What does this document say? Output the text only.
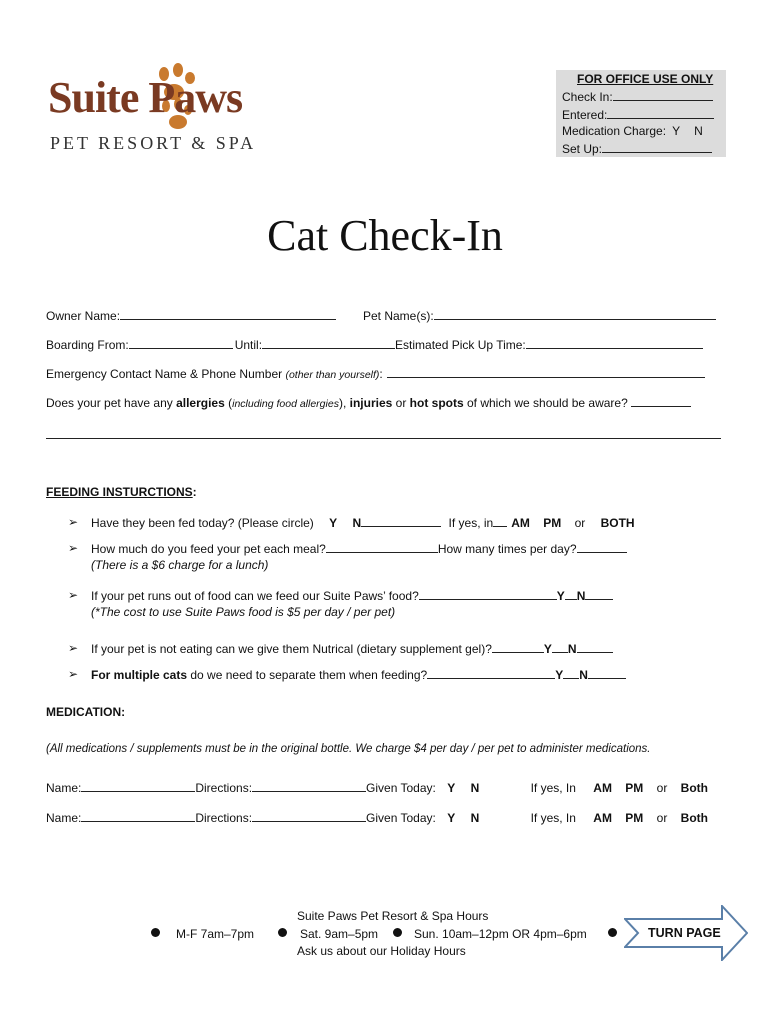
Suite Paws
PET RESORT & SPA
FOR OFFICE USE ONLY
Check In:
Entered:
Medication Charge: Y N
Set Up:
Cat Check-In
Owner Name:	Pet Name(s):
Boarding From:	Until:	Estimated Pick Up Time:
Emergency Contact Name & Phone Number (other than yourself):
Does your pet have any allergies (including food allergies), injuries or hot spots of which we should be aware?
FEEDING INSTURCTIONS:
➢ Have they been fed today? (Please circle) Y N	If yes, in AM PM or BOTH
➢ How much do you feed your pet each meal?	How many times per day?
(There is a $6 charge for a lunch)
➢ If your pet runs out of food can we feed our Suite Paws’ food?	Y N
(*The cost to use Suite Paws food is $5 per day / per pet)
➢ If your pet is not eating can we give them Nutrical (dietary supplement gel)?	Y N
➢ For multiple cats do we need to separate them when feeding?	Y N
MEDICATION:
(All medications / supplements must be in the original bottle. We charge $4 per day / per pet to administer medications.
Name:	Directions:	Given Today: Y N	If yes, In AM PM or Both
Name:	Directions:	Given Today: Y N	If yes, In AM PM or Both
Suite Paws Pet Resort & Spa Hours
M-F 7am–7pm	Sat. 9am–5pm	Sun. 10am–12pm OR 4pm–6pm
Ask us about our Holiday Hours
TURN PAGE
